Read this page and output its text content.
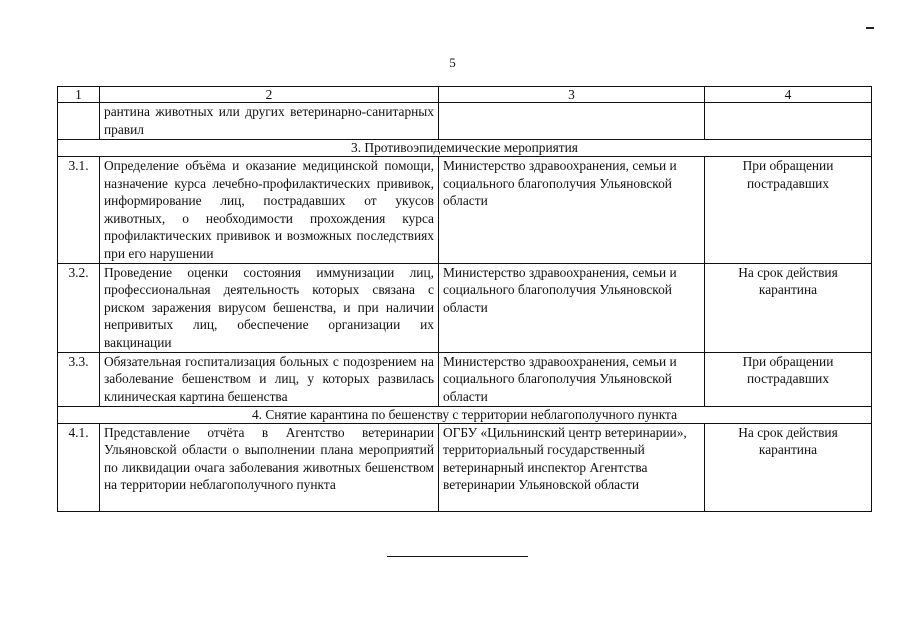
5
1	2	3	4
	рантина животных или других ветеринарно-санитарных правил		
3. Противоэпидемические мероприятия			
3.1.	Определение объёма и оказание медицинской помощи, назначение курса лечебно-профилактических прививок, информирование лиц, пострадавших от укусов животных, о необходимости прохождения курса профилактических прививок и возможных последствиях при его нарушении	Министерство здравоохранения, семьи и социального благополучия Ульяновской области	При обращении пострадавших
3.2.	Проведение оценки состояния иммунизации лиц, профессиональная деятельность которых связана с риском заражения вирусом бешенства, и при наличии непривитых лиц, обеспечение организации их вакцинации	Министерство здравоохранения, семьи и социального благополучия Ульяновской области	На срок действия карантина
3.3.	Обязательная госпитализация больных с подозрением на заболевание бешенством и лиц, у которых развилась клиническая картина бешенства	Министерство здравоохранения, семьи и социального благополучия Ульяновской области	При обращении пострадавших
4. Снятие карантина по бешенству с территории неблагополучного пункта			
4.1.	Представление отчёта в Агентство ветеринарии Ульяновской области о выполнении плана мероприятий по ликвидации очага заболевания животных бешенством на территории неблагополучного пункта	ОГБУ «Цильнинский центр ветеринарии», территориальный государственный ветеринарный инспектор Агентства ветеринарии Ульяновской области	На срок действия карантина
